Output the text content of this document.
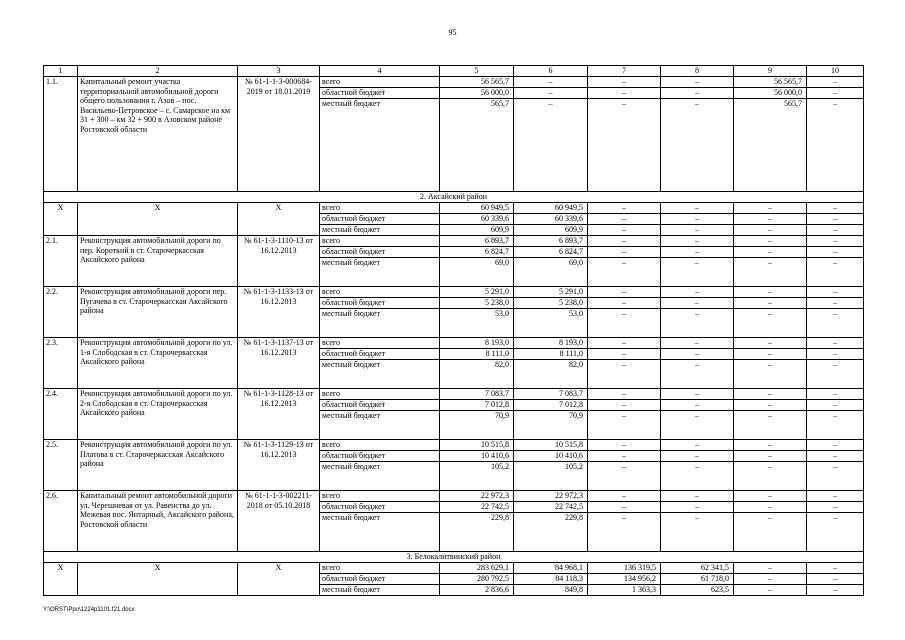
95
1	2	3	4	5	6	7	8	9	10
1.1.	Капитальный ремонт участка территориальной автомобильной дороги общего пользования г. Азов – пос. Васильево-Петровское – с. Самарское на км 31 + 300 – км 32 + 900 в Азовском районе Ростовской области	№ 61-1-1-3-000684-2019 от 18.01.2019	всего	56 565,7	–	–	–	56 565,7	–
			областной бюджет	56 000,0	–	–	–	56 000,0	–
			местный бюджет	565,7	–	–	–	565,7	–
2. Аксайский район									
Х	Х	Х	всего	60 949,5	60 949,5	–	–	–	–
			областной бюджет	60 339,6	60 339,6	–	–	–	–
			местный бюджет	609,9	609,9	–	–	–	–
2.1.	Реконструкция автомобильной дороги по пер. Короткий в ст. Старочеркасская Аксайского района	№ 61-1-3-1110-13 от 16.12.2013	всего	6 893,7	6 893,7	–	–	–	–
			областной бюджет	6 824,7	6 824,7	–	–	–	–
			местный бюджет	69,0	69,0	–	–	–	–
2.2.	Реконструкция автомобильной дороги пер. Пугачева в ст. Старочеркасская Аксайского района	№ 61-1-3-1133-13 от 16.12.2013	всего	5 291,0	5 291,0	–	–	–	–
			областной бюджет	5 238,0	5 238,0	–	–	–	–
			местный бюджет	53,0	53,0	–	–	–	–
2.3.	Реконструкция автомобильной дороги по ул. 1-я Слободская в ст. Старочеркасская Аксайского района	№ 61-1-3-1137-13 от 16.12.2013	всего	8 193,0	8 193,0	–	–	–	–
			областной бюджет	8 111,0	8 111,0	–	–	–	–
			местный бюджет	82,0	82,0	–	–	–	–
2.4.	Реконструкция автомобильной дороги по ул. 2-я Слободская в ст. Старочеркасская Аксайского района	№ 61-1-3-1128-13 от 16.12.2013	всего	7 083,7	7 083,7	–	–	–	–
			областной бюджет	7 012,8	7 012,8	–	–	–	–
			местный бюджет	70,9	70,9	–	–	–	–
2.5.	Реконструкция автомобильной дороги по ул. Платова в ст. Старочеркасская Аксайского района	№ 61-1-3-1129-13 от 16.12.2013	всего	10 515,8	10 515,8	–	–	–	–
			областной бюджет	10 410,6	10 410,6	–	–	–	–
			местный бюджет	105,2	105,2	–	–	–	–
2.6.	Капитальный ремонт автомобильной дороги ул. Черешневая от ул. Равенства до ул. Межевая пос. Янтарный, Аксайского района, Ростовской области	№ 61-1-1-3-002211-2018 от 05.10.2018	всего	22 972,3	22 972,3	–	–	–	–
			областной бюджет	22 742,5	22 742,5	–	–	–	–
			местный бюджет	229,8	229,8	–	–	–	–
3. Белокалитвинский район									
Х	Х	Х	всего	283 629,1	84 968,1	136 319,5	62 341,5	–	–
			областной бюджет	280 792,5	84 118,3	134 956,2	61 718,0	–	–
			местный бюджет	2 836,6	849,8	1 363,3	623,5	–	–
Y:\ORST\Ppo\1224p1101.f21.docx
